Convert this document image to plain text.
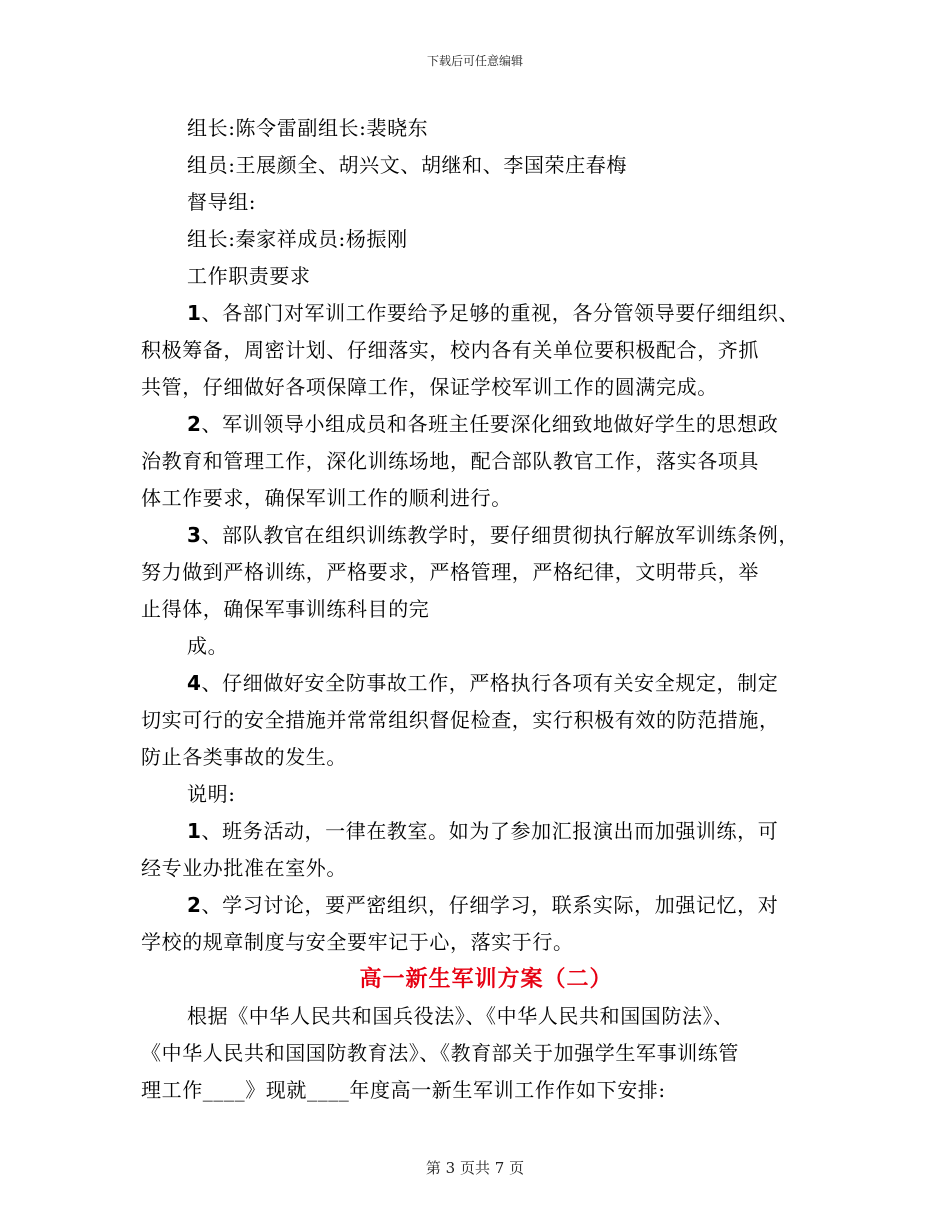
下载后可任意编辑
组长:陈令雷副组长:裴晓东
组员:王展颜全、胡兴文、胡继和、李国荣庄春梅
督导组:
组长:秦家祥成员:杨振刚
工作职责要求
1、各部门对军训工作要给予足够的重视，各分管领导要仔细组织、
积极筹备，周密计划、仔细落实，校内各有关单位要积极配合，齐抓
共管，仔细做好各项保障工作，保证学校军训工作的圆满完成。
2、军训领导小组成员和各班主任要深化细致地做好学生的思想政
治教育和管理工作，深化训练场地，配合部队教官工作，落实各项具
体工作要求，确保军训工作的顺利进行。
3、部队教官在组织训练教学时，要仔细贯彻执行解放军训练条例，
努力做到严格训练，严格要求，严格管理，严格纪律，文明带兵，举
止得体，确保军事训练科目的完
成。
4、仔细做好安全防事故工作，严格执行各项有关安全规定，制定
切实可行的安全措施并常常组织督促检查，实行积极有效的防范措施，
防止各类事故的发生。
说明:
1、班务活动，一律在教室。如为了参加汇报演出而加强训练，可
经专业办批准在室外。
2、学习讨论，要严密组织，仔细学习，联系实际，加强记忆，对
学校的规章制度与安全要牢记于心，落实于行。
高一新生军训方案（二）
根据《中华人民共和国兵役法》、《中华人民共和国国防法》、
《中华人民共和国国防教育法》、《教育部关于加强学生军事训练管
理工作____》现就____年度高一新生军训工作作如下安排:
第 3 页共 7 页
